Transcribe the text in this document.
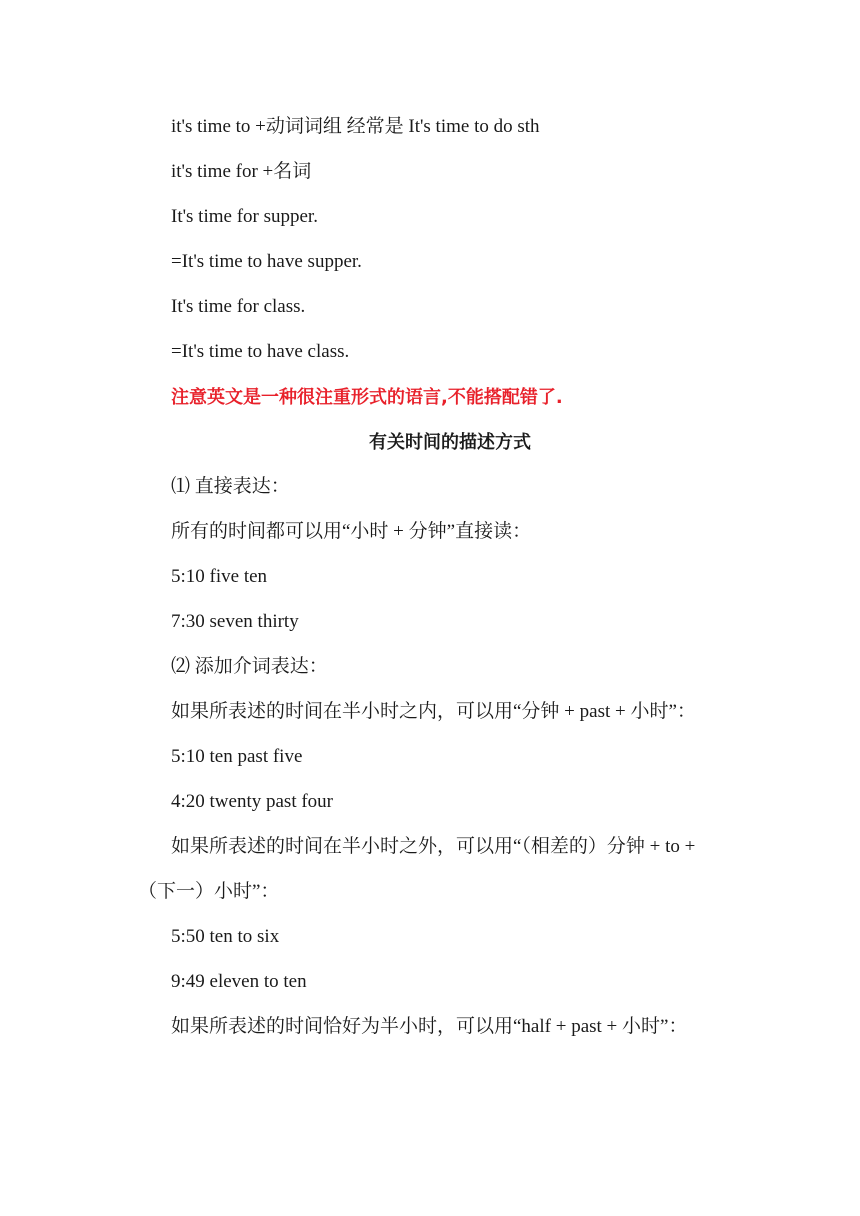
it's time to +动词词组 经常是 It's time to do sth
it's time for +名词
It's time for supper.
=It's time to have supper.
It's time for class.
=It's time to have class.
注意英文是一种很注重形式的语言,不能搭配错了.
有关时间的描述方式
⑴ 直接表达：
所有的时间都可以用“小时 + 分钟”直接读：
5:10 five ten
7:30 seven thirty
⑵ 添加介词表达：
如果所表述的时间在半小时之内，可以用“分钟 + past + 小时”：
5:10 ten past five
4:20 twenty past four
如果所表述的时间在半小时之外，可以用“（相差的）分钟 + to +
（下一）小时”：
5:50 ten to six
9:49 eleven to ten
如果所表述的时间恰好为半小时，可以用“half + past + 小时”：
